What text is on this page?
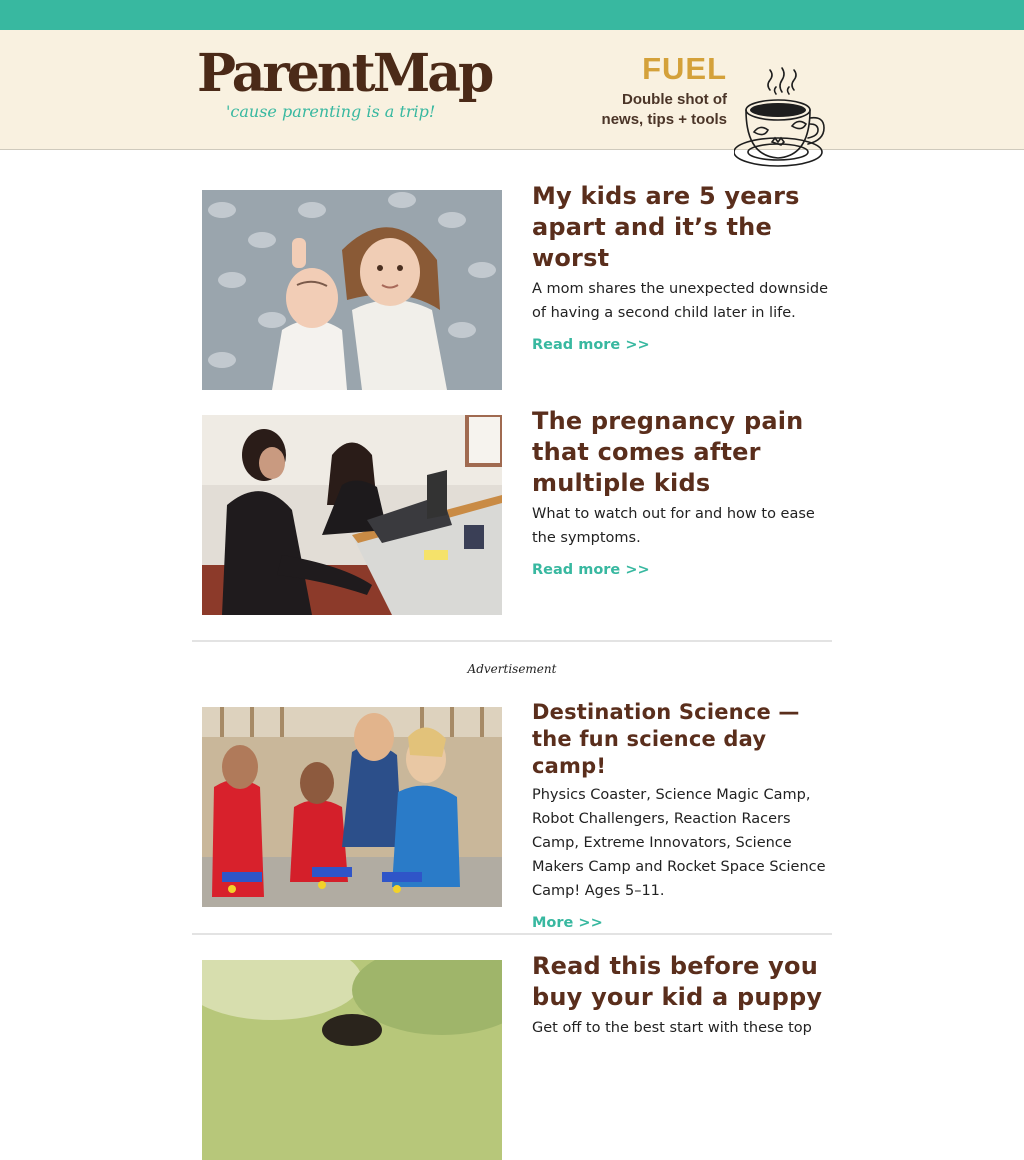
ParentMap
'cause parenting is a trip!
FUEL
Double shot of
news, tips + tools
My kids are 5 years apart and it’s the worst

A mom shares the unexpected downside of having a second child later in life.

Read more >>
The pregnancy pain that comes after multiple kids

What to watch out for and how to ease the symptoms.

Read more >>
Advertisement
Destination Science — the fun science day camp!

Physics Coaster, Science Magic Camp, Robot Challengers, Reaction Racers Camp, Extreme Innovators, Science Makers Camp and Rocket Space Science Camp! Ages 5–11.

More >>
Read this before you buy your kid a puppy

Get off to the best start with these top
